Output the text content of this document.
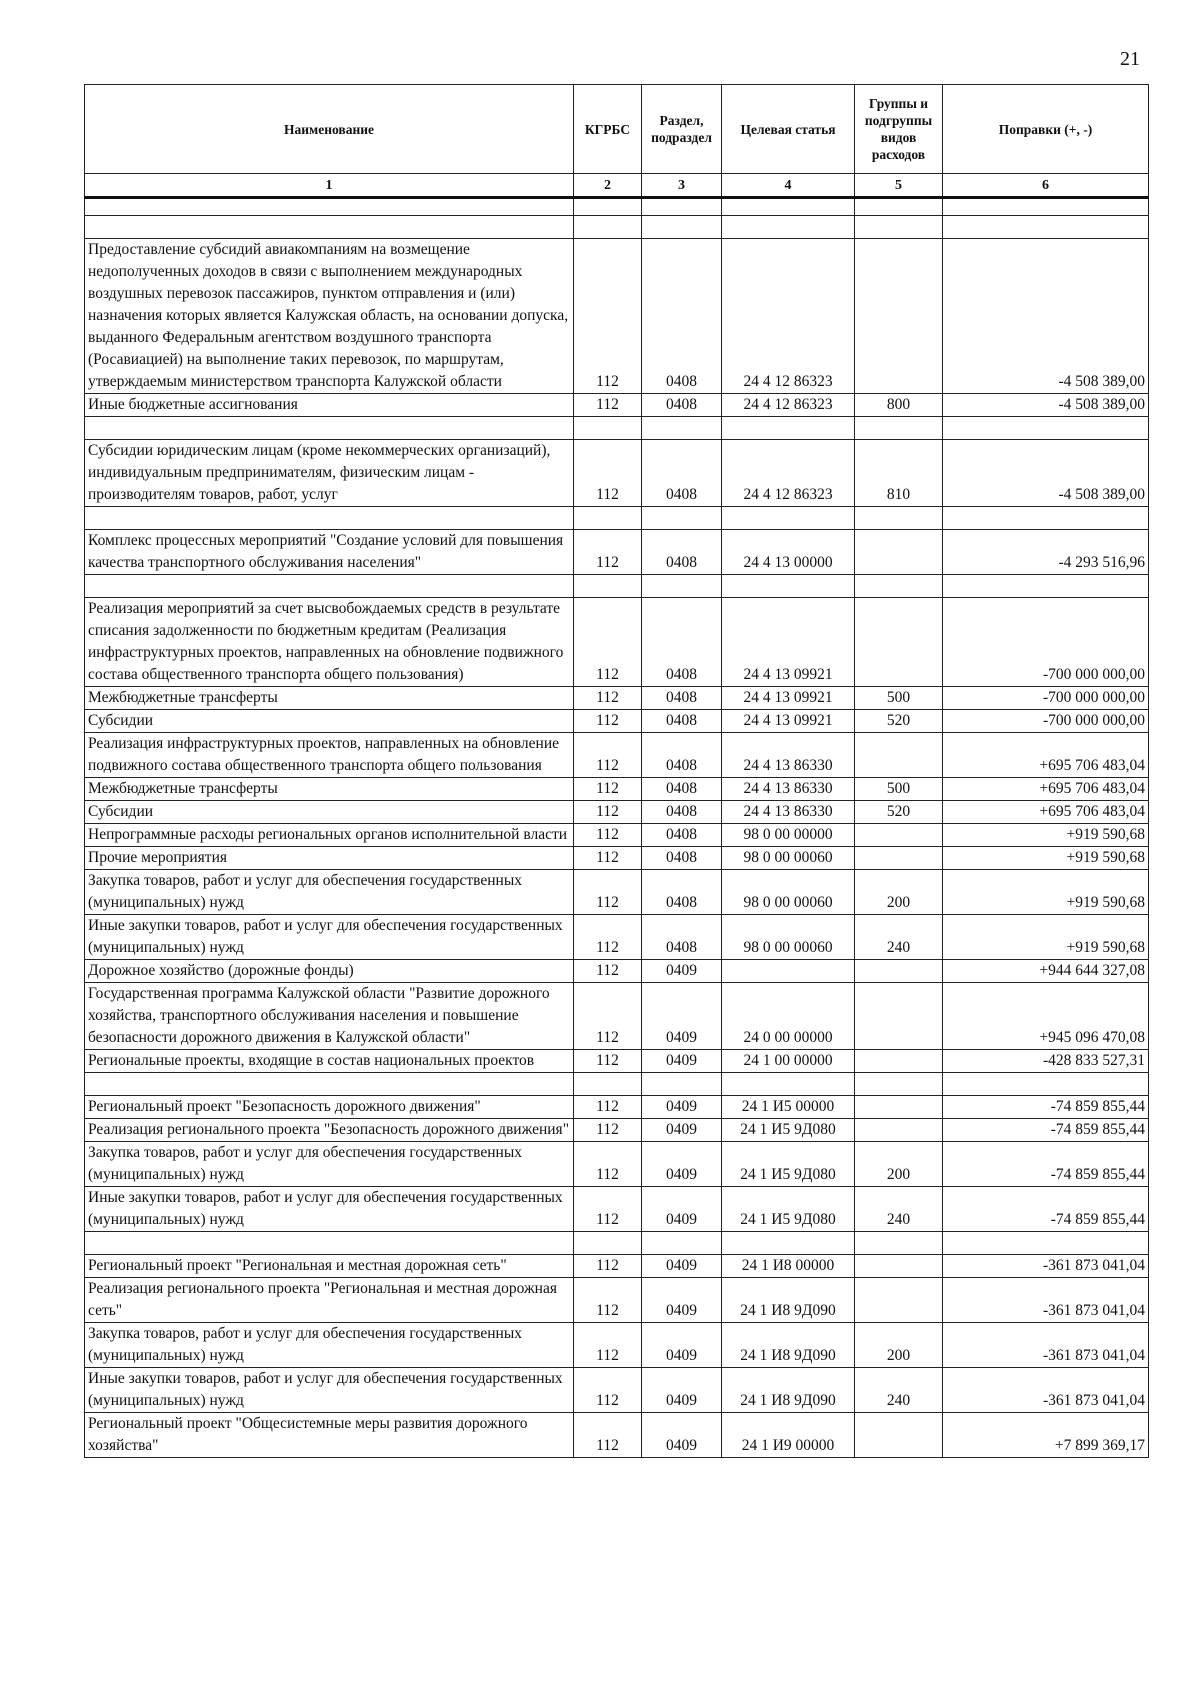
21
Наименование	КГРБС	Раздел, подраздел	Целевая статья	Группы и подгруппы видов расходов	Поправки (+, -)
1	2	3	4	5	6

Предоставление субсидий авиакомпаниям на возмещение недополученных доходов в связи с выполнением международных воздушных перевозок пассажиров, пунктом отправления и (или) назначения которых является Калужская область, на основании допуска, выданного Федеральным агентством воздушного транспорта (Росавиацией) на выполнение таких перевозок, по маршрутам, утверждаемым министерством транспорта Калужской области	112	0408	24 4 12 86323		-4 508 389,00
Иные бюджетные ассигнования	112	0408	24 4 12 86323	800	-4 508 389,00

Субсидии юридическим лицам (кроме некоммерческих организаций), индивидуальным предпринимателям, физическим лицам - производителям товаров, работ, услуг	112	0408	24 4 12 86323	810	-4 508 389,00

Комплекс процессных мероприятий "Создание условий для повышения качества транспортного обслуживания населения"	112	0408	24 4 13 00000		-4 293 516,96

Реализация мероприятий за счет высвобождаемых средств в результате списания задолженности по бюджетным кредитам (Реализация инфраструктурных проектов, направленных на обновление подвижного состава общественного транспорта общего пользования)	112	0408	24 4 13 09921		-700 000 000,00
Межбюджетные трансферты	112	0408	24 4 13 09921	500	-700 000 000,00
Субсидии	112	0408	24 4 13 09921	520	-700 000 000,00
Реализация инфраструктурных проектов, направленных на обновление подвижного состава общественного транспорта общего пользования	112	0408	24 4 13 86330		+695 706 483,04
Межбюджетные трансферты	112	0408	24 4 13 86330	500	+695 706 483,04
Субсидии	112	0408	24 4 13 86330	520	+695 706 483,04
Непрограммные расходы региональных органов исполнительной власти	112	0408	98 0 00 00000		+919 590,68
Прочие мероприятия	112	0408	98 0 00 00060		+919 590,68
Закупка товаров, работ и услуг для обеспечения государственных (муниципальных) нужд	112	0408	98 0 00 00060	200	+919 590,68
Иные закупки товаров, работ и услуг для обеспечения государственных (муниципальных) нужд	112	0408	98 0 00 00060	240	+919 590,68
Дорожное хозяйство (дорожные фонды)	112	0409			+944 644 327,08
Государственная программа Калужской области "Развитие дорожного хозяйства, транспортного обслуживания населения и повышение безопасности дорожного движения в Калужской области"	112	0409	24 0 00 00000		+945 096 470,08
Региональные проекты, входящие в состав национальных проектов	112	0409	24 1 00 00000		-428 833 527,31

Региональный проект "Безопасность дорожного движения"	112	0409	24 1 И5 00000		-74 859 855,44
Реализация регионального проекта "Безопасность дорожного движения"	112	0409	24 1 И5 9Д080		-74 859 855,44
Закупка товаров, работ и услуг для обеспечения государственных (муниципальных) нужд	112	0409	24 1 И5 9Д080	200	-74 859 855,44
Иные закупки товаров, работ и услуг для обеспечения государственных (муниципальных) нужд	112	0409	24 1 И5 9Д080	240	-74 859 855,44

Региональный проект "Региональная и местная дорожная сеть"	112	0409	24 1 И8 00000		-361 873 041,04
Реализация регионального проекта "Региональная и местная дорожная сеть"	112	0409	24 1 И8 9Д090		-361 873 041,04
Закупка товаров, работ и услуг для обеспечения государственных (муниципальных) нужд	112	0409	24 1 И8 9Д090	200	-361 873 041,04
Иные закупки товаров, работ и услуг для обеспечения государственных (муниципальных) нужд	112	0409	24 1 И8 9Д090	240	-361 873 041,04
Региональный проект "Общесистемные меры развития дорожного хозяйства"	112	0409	24 1 И9 00000		+7 899 369,17
